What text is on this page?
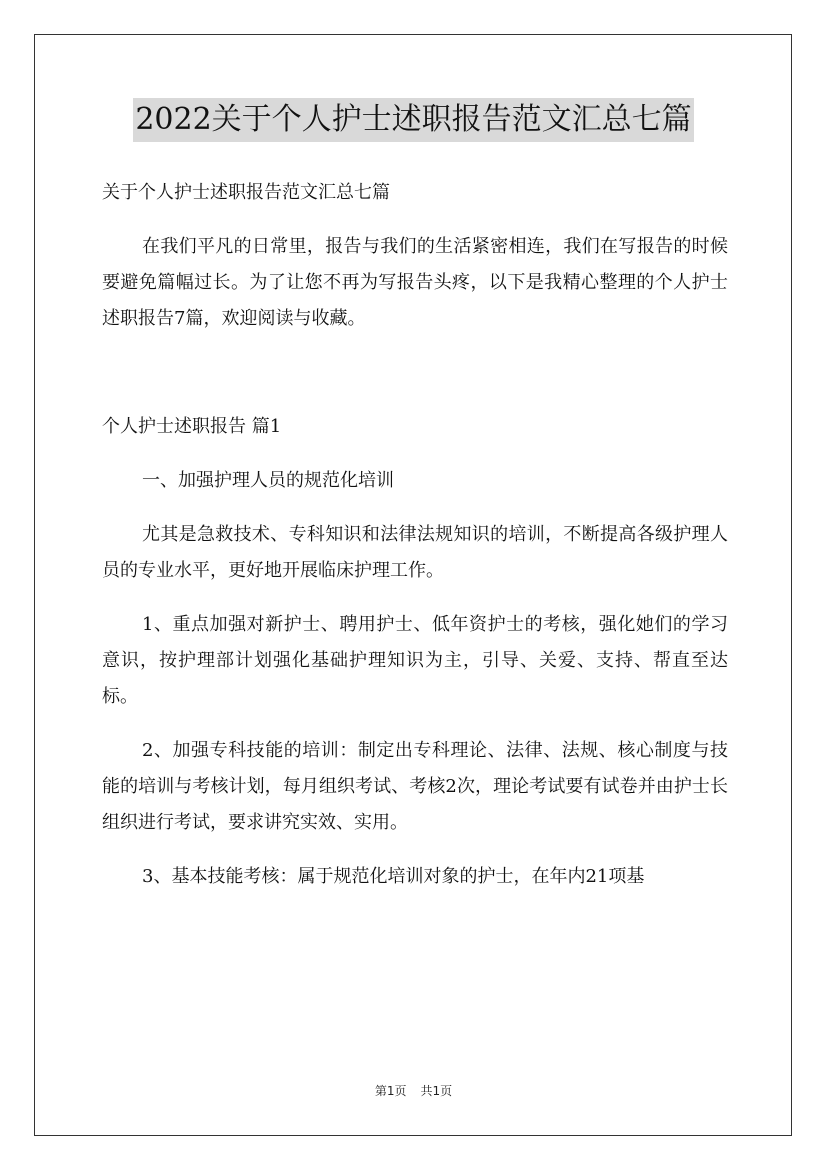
2022关于个人护士述职报告范文汇总七篇

关于个人护士述职报告范文汇总七篇

在我们平凡的日常里，报告与我们的生活紧密相连，我们在写报告的时候要避免篇幅过长。为了让您不再为写报告头疼，以下是我精心整理的个人护士述职报告7篇，欢迎阅读与收藏。

个人护士述职报告 篇1

一、加强护理人员的规范化培训

尤其是急救技术、专科知识和法律法规知识的培训，不断提高各级护理人员的专业水平，更好地开展临床护理工作。

1、重点加强对新护士、聘用护士、低年资护士的考核，强化她们的学习意识，按护理部计划强化基础护理知识为主，引导、关爱、支持、帮直至达标。

2、加强专科技能的培训：制定出专科理论、法律、法规、核心制度与技能的培训与考核计划，每月组织考试、考核2次，理论考试要有试卷并由护士长组织进行考试，要求讲究实效、实用。

3、基本技能考核：属于规范化培训对象的护士，在年内21项基

第1页 共1页
